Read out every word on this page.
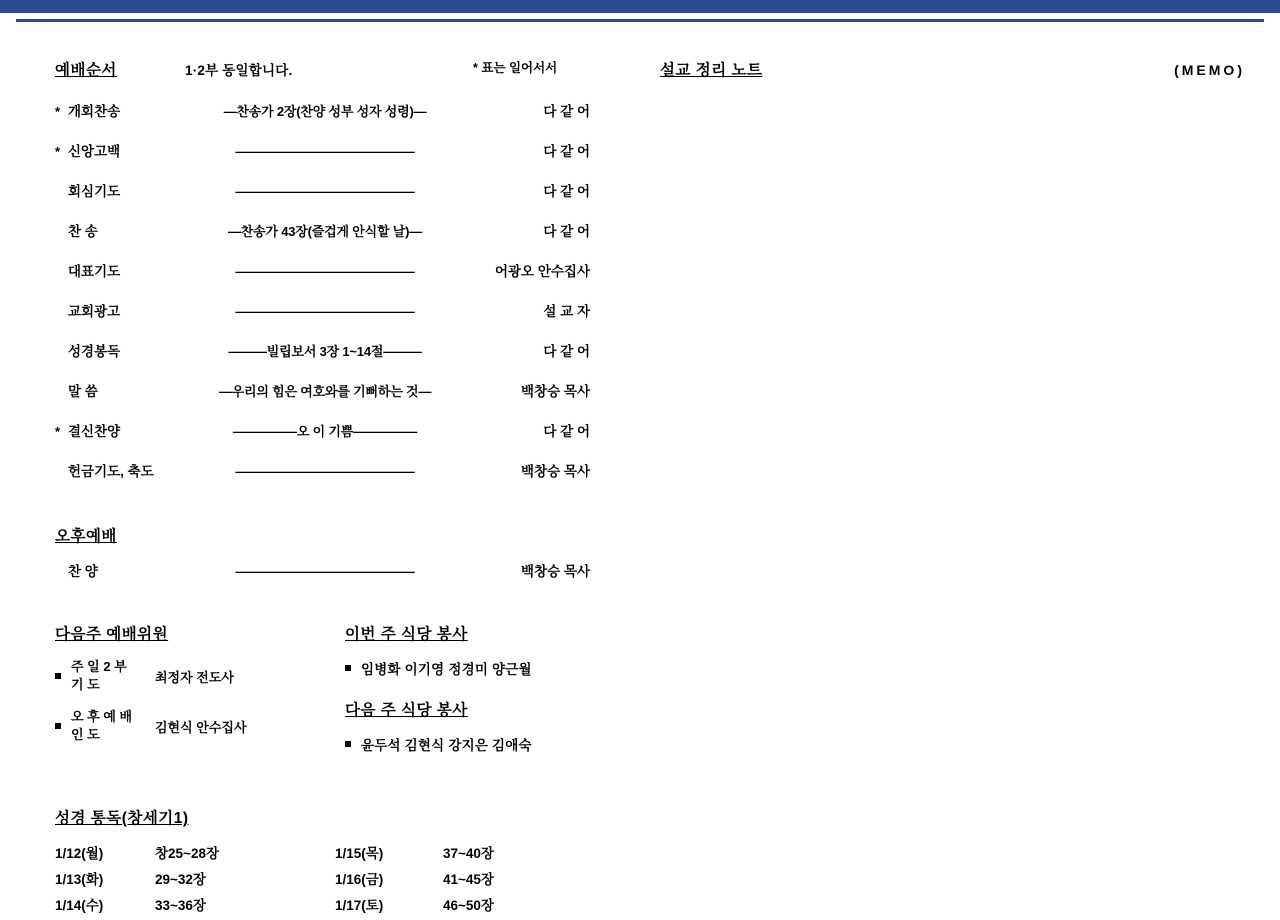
예배순서	1·2부 동일합니다.	* 표는 일어서서
* 개회찬송	—찬송가 2장(찬양 성부 성자 성령)—	다 같 어
* 신앙고백	——————————————	다 같 어
회심기도	——————————————	다 같 어
찬 송	—찬송가 43장(즐겁게 안식할 날)—	다 같 어
대표기도	——————————————	어광오 안수집사
교회광고	——————————————	설 교 자
성경봉독	———빌립보서 3장 1~14절———	다 같 어
말 씀	—우리의 힘은 여호와를 기뻐하는 것—	백창승 목사
* 결신찬양	—————오 이 기쁨—————	다 같 어
헌금기도, 축도	——————————————	백창승 목사
오후예배
찬 양	——————————————	백창승 목사
다음주 예배위원
주 일 2 부
기 도	최정자 전도사
오 후 예 배
인 도	김현식 안수집사
이번 주 식당 봉사
임병화 이기영 정경미 양근월
다음 주 식당 봉사
윤두석 김현식 강지은 김애숙
성경 통독(창세기1)
1/12(월)	창25~28장	1/15(목)	37~40장
1/13(화)	29~32장	1/16(금)	41~45장
1/14(수)	33~36장	1/17(토)	46~50장
설교 정리 노트	(MEMO)
